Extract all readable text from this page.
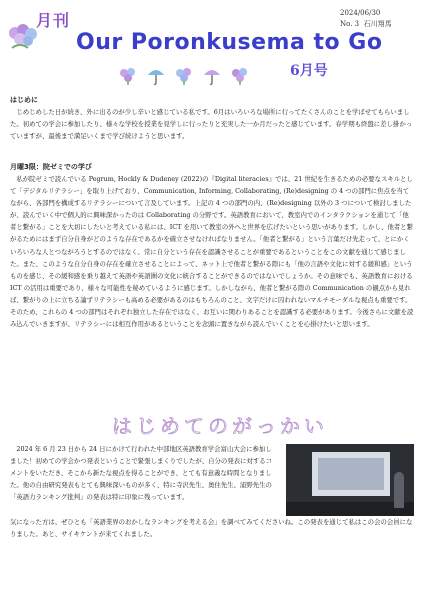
月刊
Our Poronkusema to Go
6月号
2024/06/30
No. 3 石川翔馬
はじめに

じめじめした日が続き、外に出るのが少し辛いと感じている私です。6月はいろいろな場所に行ってたくさんのことを学ばせてもらいました。初めての学会に参加したり、様々な学校を授業を見学しに行ったりと充実した一か月だったと感じています。春学期も終盤に差し掛かっていますが、最後まで満足いくまで学び続けようと思います。

月曜3限：院ゼミでの学び

私が院ゼミで読んでいる Pegrum, Hockly & Dudeney (2022)の『Digital literacies』では、21 世紀を生きるための必要なスキルとして「デジタルリテラシー」を取り上げており、Communication, Informing, Collaborating, (Re)designing の 4 つの部門に焦点を当てながら、各部門を構成するリテラシーについて言及しています。上記の 4 つの部門の内、(Re)designing 以外の 3 つについて検討しましたが、読んでいく中で個人的に興味深かったのは Collaborating の分野です。英語教育において、教室内でのインタラクションを通じて「他者と繋がる」ことを大切にしたいと考えている私には、ICT を用いて教室の外へと世界を広げたいという思いがあります。しかし、他者と繋がるためにはまず自分自身がどのような存在であるかを確立させなければなりません。「他者と繋がる」という言葉だけ先走って、とにかくいろいろな人とつながろうとするのではなく、常に自分という存在を認識させることが重要であるということをこの文献を通じて感じました。また、このような自分自身の存在を確立させることによって、ネット上で他者と繋がる際にも「他の言語や文化に対する緩和感」というものを感じ、その緩和感を乗り越えて英語や英語圏の文化に統合することができるのではないでしょうか。その意味でも、英語教育における ICT の活用は重要であり、様々な可能性を秘めているように感じます。しかしながら、他者と繋がる際の Communication の観点から見れば、繋がりの上に立ちる論ずリテラシーも高める必要があるのはもちろんのこと、文字だけに囚われないマルチモーダルな視点も重要です。そのため、これらの 4 つの部門はそれぞれ独立した存在ではなく、お互いに関わりあることを認識する必要があります。今後さらに文献を読み込んでいきますが、リテラシーには相互作用があるということを念頭に置きながら読んでいくことを心掛けたいと思います。

はじめてのがっかい

2024 年 6 月 23 日から 24 日にかけて行われた中部地区英語教育学会富山大会に参加しました！初めての学会かつ発表ということで緊張しまくりでしたが、自分の発表に対するコメントをいただき、そこから新たな視点を得ることができ、とても有意義な時間となりました。他の自由研究発表もとても興味深いものが多く、特に寺沢先生、奥住先生、浦野先生の「英語力ランキング批判」の発表は特に印象に残っています。

気になった方は、ぜひとも「英語業界のおかしなランキングを考える会」を調べてみてくださいね。この発表を通じて私はこの会の会員になりました。あと、サイキケントが来てくれました。
